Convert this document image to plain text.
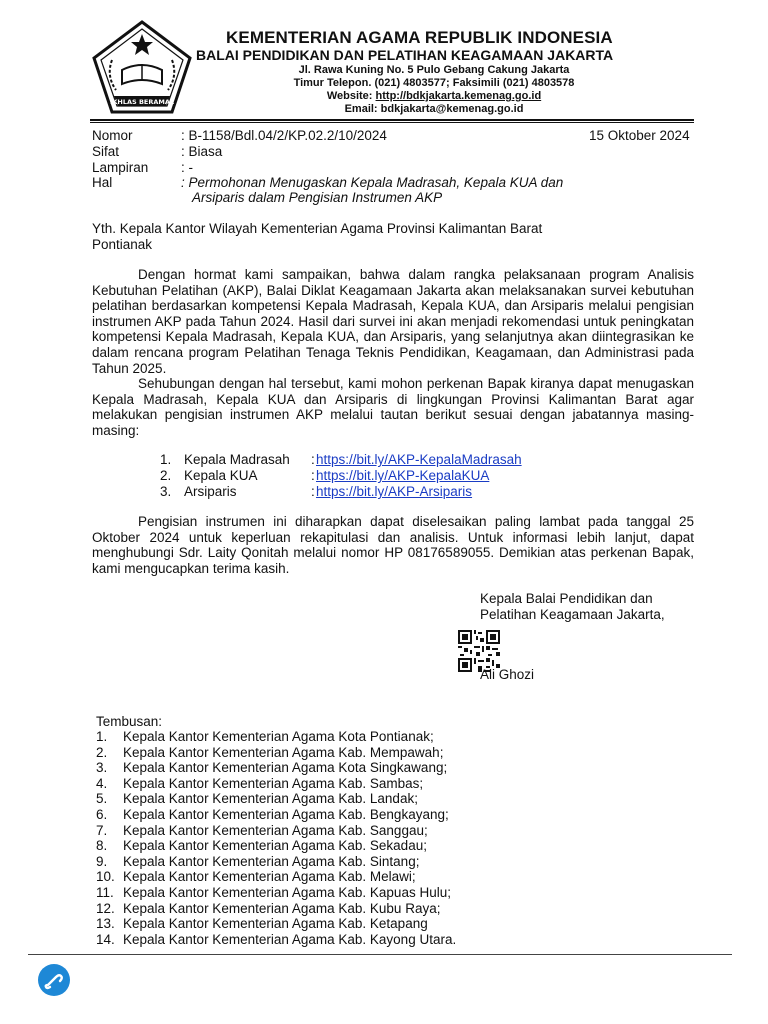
IKHLAS BERAMAL
KEMENTERIAN AGAMA REPUBLIK INDONESIA
BALAI PENDIDIKAN DAN PELATIHAN KEAGAMAAN JAKARTA
Jl. Rawa Kuning No. 5 Pulo Gebang Cakung Jakarta
Timur Telepon. (021) 4803577; Faksimili (021) 4803578
Website: http://bdkjakarta.kemenag.go.id
Email: bdkjakarta@kemenag.go.id
Nomor	: B-1158/Bdl.04/2/KP.02.2/10/2024	15 Oktober 2024
Sifat	: Biasa
Lampiran : -
Hal	: Permohonan Menugaskan Kepala Madrasah, Kepala KUA dan
Arsiparis dalam Pengisian Instrumen AKP
Yth. Kepala Kantor Wilayah Kementerian Agama Provinsi Kalimantan Barat
Pontianak
Dengan hormat kami sampaikan, bahwa dalam rangka pelaksanaan program Analisis Kebutuhan Pelatihan (AKP), Balai Diklat Keagamaan Jakarta akan melaksanakan survei kebutuhan pelatihan berdasarkan kompetensi Kepala Madrasah, Kepala KUA, dan Arsiparis melalui pengisian instrumen AKP pada Tahun 2024. Hasil dari survei ini akan menjadi rekomendasi untuk peningkatan kompetensi Kepala Madrasah, Kepala KUA, dan Arsiparis, yang selanjutnya akan diintegrasikan ke dalam rencana program Pelatihan Tenaga Teknis Pendidikan, Keagamaan, dan Administrasi pada Tahun 2025.
Sehubungan dengan hal tersebut, kami mohon perkenan Bapak kiranya dapat menugaskan Kepala Madrasah, Kepala KUA dan Arsiparis di lingkungan Provinsi Kalimantan Barat agar melakukan pengisian instrumen AKP melalui tautan berikut sesuai dengan jabatannya masing-masing:
1. Kepala Madrasah : https://bit.ly/AKP-KepalaMadrasah
2. Kepala KUA	: https://bit.ly/AKP-KepalaKUA
3. Arsiparis	: https://bit.ly/AKP-Arsiparis
Pengisian instrumen ini diharapkan dapat diselesaikan paling lambat pada tanggal 25 Oktober 2024 untuk keperluan rekapitulasi dan analisis. Untuk informasi lebih lanjut, dapat menghubungi Sdr. Laity Qonitah melalui nomor HP 08176589055. Demikian atas perkenan Bapak, kami mengucapkan terima kasih.
Kepala Balai Pendidikan dan
Pelatihan Keagamaan Jakarta,
Ali Ghozi
Tembusan:
1. Kepala Kantor Kementerian Agama Kota Pontianak;
2. Kepala Kantor Kementerian Agama Kab. Mempawah;
3. Kepala Kantor Kementerian Agama Kota Singkawang;
4. Kepala Kantor Kementerian Agama Kab. Sambas;
5. Kepala Kantor Kementerian Agama Kab. Landak;
6. Kepala Kantor Kementerian Agama Kab. Bengkayang;
7. Kepala Kantor Kementerian Agama Kab. Sanggau;
8. Kepala Kantor Kementerian Agama Kab. Sekadau;
9. Kepala Kantor Kementerian Agama Kab. Sintang;
10. Kepala Kantor Kementerian Agama Kab. Melawi;
11. Kepala Kantor Kementerian Agama Kab. Kapuas Hulu;
12. Kepala Kantor Kementerian Agama Kab. Kubu Raya;
13. Kepala Kantor Kementerian Agama Kab. Ketapang
14. Kepala Kantor Kementerian Agama Kab. Kayong Utara.
